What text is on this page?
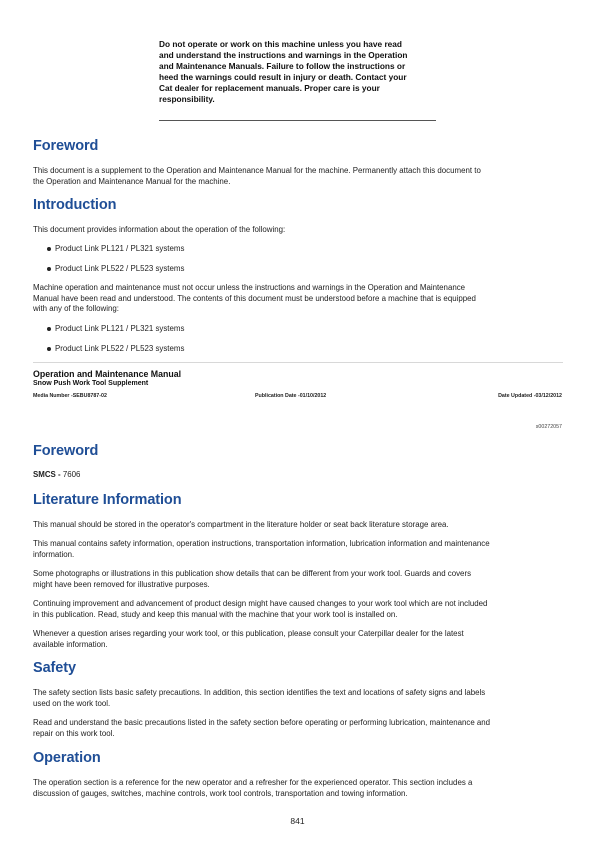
Do not operate or work on this machine unless you have read
and understand the instructions and warnings in the Operation
and Maintenance Manuals. Failure to follow the instructions or
heed the warnings could result in injury or death. Contact your
Cat dealer for replacement manuals. Proper care is your
responsibility.
Foreword
This document is a supplement to the Operation and Maintenance Manual for the machine. Permanently attach this document to
the Operation and Maintenance Manual for the machine.
Introduction
This document provides information about the operation of the following:
Product Link PL121 / PL321 systems
Product Link PL522 / PL523 systems
Machine operation and maintenance must not occur unless the instructions and warnings in the Operation and Maintenance
Manual have been read and understood. The contents of this document must be understood before a machine that is equipped
with any of the following:
Product Link PL121 / PL321 systems
Product Link PL522 / PL523 systems
Operation and Maintenance Manual
Snow Push Work Tool Supplement
Media Number -SEBU8787-02	Publication Date -01/10/2012	Date Updated -03/12/2012
s00272057
Foreword
SMCS - 7606
Literature Information
This manual should be stored in the operator's compartment in the literature holder or seat back literature storage area.
This manual contains safety information, operation instructions, transportation information, lubrication information and maintenance
information.
Some photographs or illustrations in this publication show details that can be different from your work tool. Guards and covers
might have been removed for illustrative purposes.
Continuing improvement and advancement of product design might have caused changes to your work tool which are not included
in this publication. Read, study and keep this manual with the machine that your work tool is installed on.
Whenever a question arises regarding your work tool, or this publication, please consult your Caterpillar dealer for the latest
available information.
Safety
The safety section lists basic safety precautions. In addition, this section identifies the text and locations of safety signs and labels
used on the work tool.
Read and understand the basic precautions listed in the safety section before operating or performing lubrication, maintenance and
repair on this work tool.
Operation
The operation section is a reference for the new operator and a refresher for the experienced operator. This section includes a
discussion of gauges, switches, machine controls, work tool controls, transportation and towing information.
841
